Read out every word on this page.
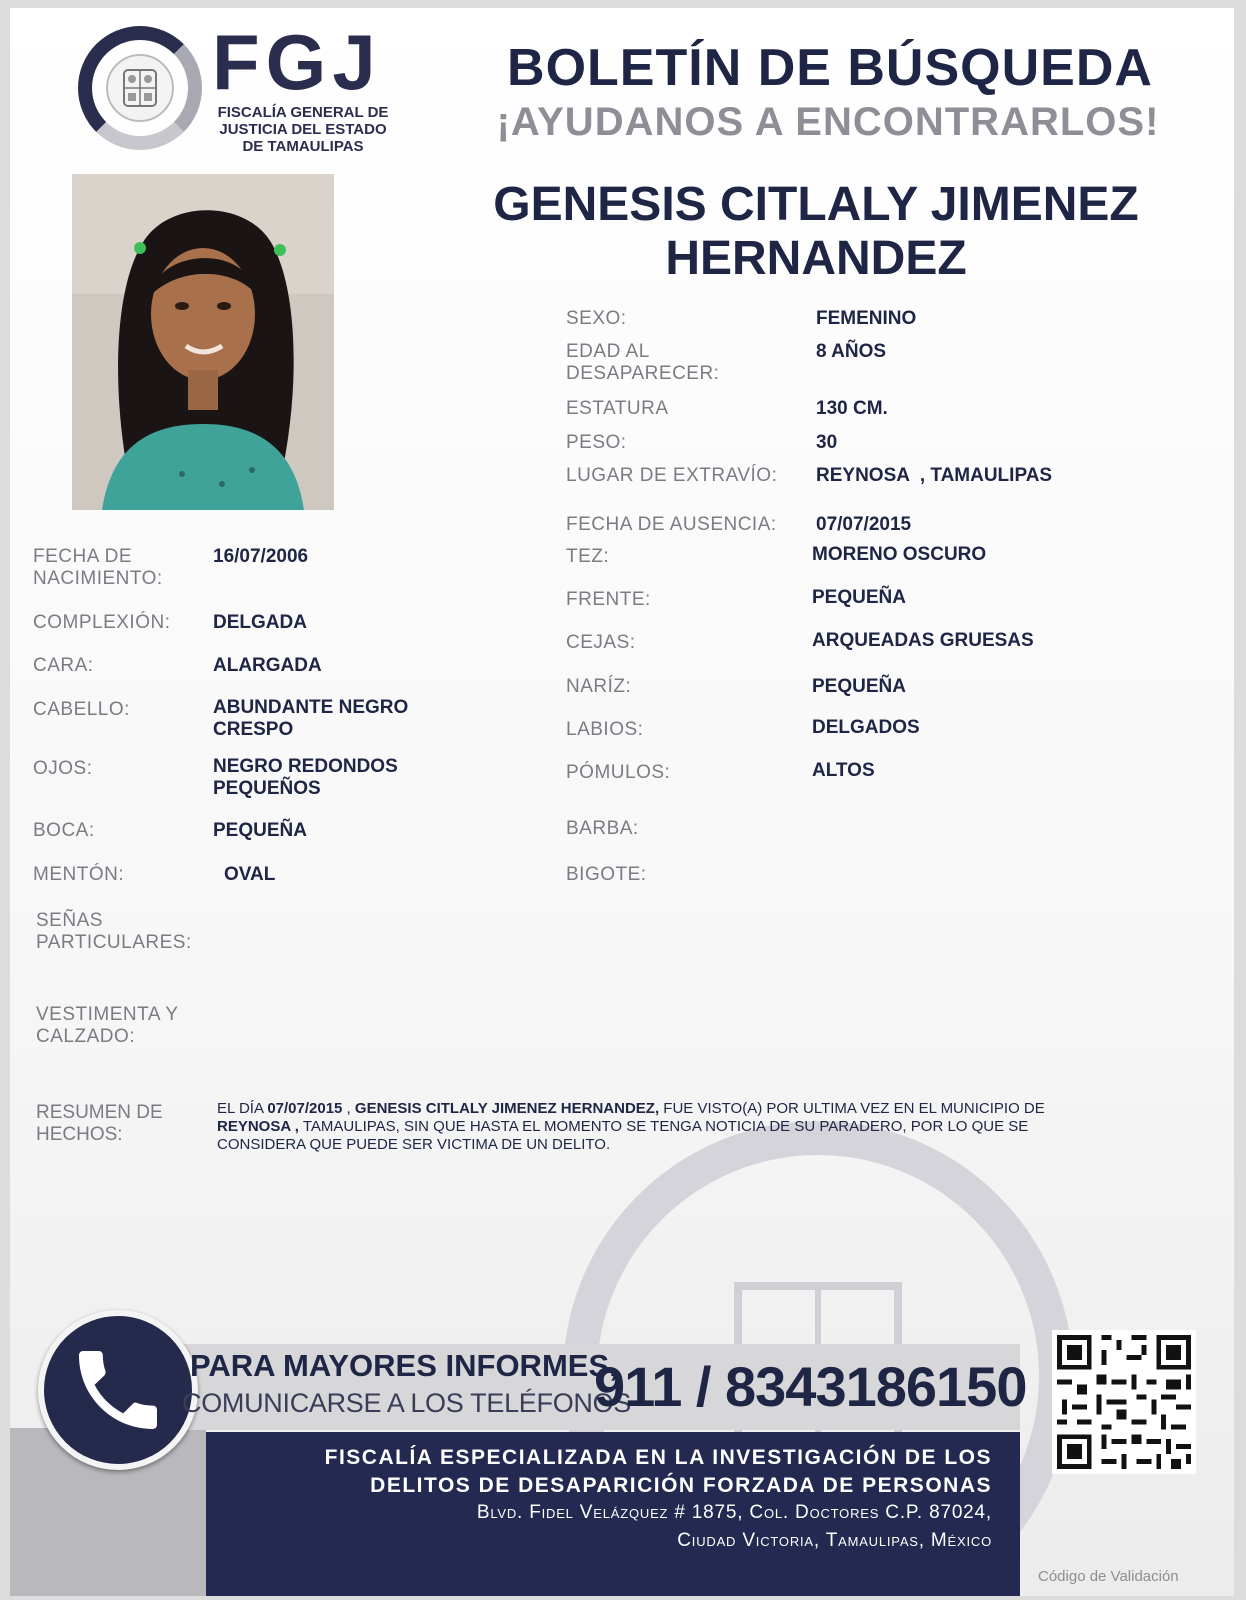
FGJ
FISCALÍA GENERAL DE
JUSTICIA DEL ESTADO
DE TAMAULIPAS
BOLETÍN DE BÚSQUEDA
¡AYUDANOS A ENCONTRARLOS!
GENESIS CITLALY JIMENEZ
HERNANDEZ
SEXO:	FEMENINO
EDAD AL DESAPARECER:
8 AÑOS
ESTATURA	130 CM.
PESO:	30
LUGAR DE EXTRAVÍO:	REYNOSA  , TAMAULIPAS
FECHA DE AUSENCIA:	07/07/2015
FECHA DE NACIMIENTO:
16/07/2006
COMPLEXIÓN:	DELGADA
CARA:	ALARGADA
CABELLO:	ABUNDANTE NEGRO CRESPO
OJOS:	NEGRO REDONDOS PEQUEÑOS
BOCA:	PEQUEÑA
MENTÓN:	OVAL
SEÑAS PARTICULARES:
VESTIMENTA Y CALZADO:
TEZ:	MORENO OSCURO
FRENTE:	PEQUEÑA
CEJAS:	ARQUEADAS GRUESAS
NARÍZ:	PEQUEÑA
LABIOS:	DELGADOS
PÓMULOS:	ALTOS
BARBA:
BIGOTE:
RESUMEN DE HECHOS:
EL DÍA 07/07/2015 , GENESIS CITLALY JIMENEZ HERNANDEZ, FUE VISTO(A) POR ULTIMA VEZ EN EL MUNICIPIO DE REYNOSA , TAMAULIPAS, SIN QUE HASTA EL MOMENTO SE TENGA NOTICIA DE SU PARADERO, POR LO QUE SE CONSIDERA QUE PUEDE SER VICTIMA DE UN DELITO.
FISCALÍA ESPECIALIZADA EN LA INVESTIGACIÓN DE LOS
DELITOS DE DESAPARICIÓN FORZADA DE PERSONAS
Blvd. Fidel Velázquez # 1875, Col. Doctores C.P. 87024,
Ciudad Victoria, Tamaulipas, México
PARA MAYORES INFORMES,
COMUNICARSE A LOS TELÉFONOS
911 / 8343186150
Código de Validación
